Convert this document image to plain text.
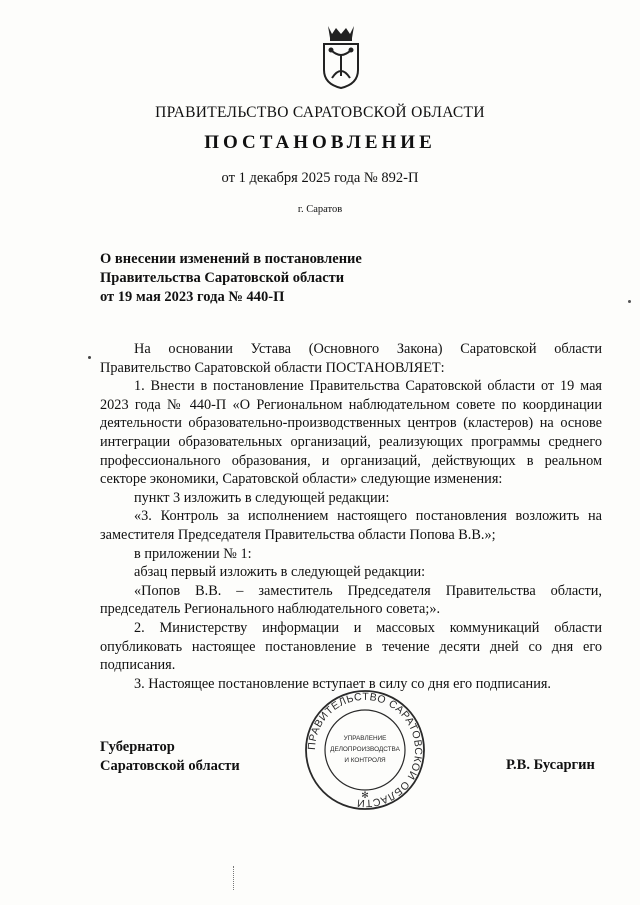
ПРАВИТЕЛЬСТВО САРАТОВСКОЙ ОБЛАСТИ
ПОСТАНОВЛЕНИЕ
от 1 декабря 2025 года № 892-П
г. Саратов
О внесении изменений в постановление
Правительства Саратовской области
от 19 мая 2023 года № 440-П

На основании Устава (Основного Закона) Саратовской области Правительство Саратовской области ПОСТАНОВЛЯЕТ:

1. Внести в постановление Правительства Саратовской области от 19 мая 2023 года № 440-П «О Региональном наблюдательном совете по координации деятельности образовательно-производственных центров (кластеров) на основе интеграции образовательных организаций, реализующих программы среднего профессионального образования, и организаций, действующих в реальном секторе экономики, Саратовской области» следующие изменения:

пункт 3 изложить в следующей редакции:

«3. Контроль за исполнением настоящего постановления возложить на заместителя Председателя Правительства области Попова В.В.»;

в приложении № 1:

абзац первый изложить в следующей редакции:

«Попов В.В. – заместитель Председателя Правительства области, председатель Регионального наблюдательного совета;».

2. Министерству информации и массовых коммуникаций области опубликовать настоящее постановление в течение десяти дней со дня его подписания.

3. Настоящее постановление вступает в силу со дня его подписания.

Губернатор
Саратовской области	Р.В. Бусаргин
ПРАВИТЕЛЬСТВО САРАТОВСКОЙ ОБЛАСТИ
УПРАВЛЕНИЕ
ДЕЛОПРОИЗВОДСТВА
И КОНТРОЛЯ
✻
